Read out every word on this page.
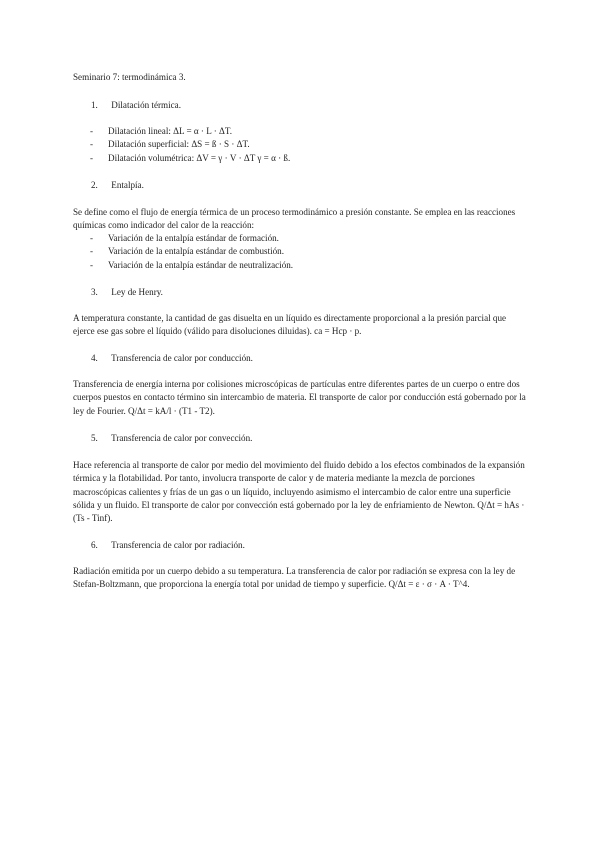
Seminario 7: termodinámica 3.
1. Dilatación térmica.
- Dilatación lineal: ΔL = α · L · ΔT.
- Dilatación superficial: ΔS = ß · S · ΔT.
- Dilatación volumétrica: ΔV = γ · V · ΔT γ = α · ß.
2. Entalpía.

Se define como el flujo de energía térmica de un proceso termodinámico a presión constante. Se emplea en las reacciones químicas como indicador del calor de la reacción:

- Variación de la entalpía estándar de formación.
- Variación de la entalpía estándar de combustión.
- Variación de la entalpía estándar de neutralización.
3. Ley de Henry.

A temperatura constante, la cantidad de gas disuelta en un líquido es directamente proporcional a la presión parcial que ejerce ese gas sobre el líquido (válido para disoluciones diluidas). ca = Hcp · p.

4. Transferencia de calor por conducción.

Transferencia de energía interna por colisiones microscópicas de partículas entre diferentes partes de un cuerpo o entre dos cuerpos puestos en contacto término sin intercambio de materia. El transporte de calor por conducción está gobernado por la ley de Fourier. Q/Δt = kA/l · (T1 - T2).

5. Transferencia de calor por convección.

Hace referencia al transporte de calor por medio del movimiento del fluido debido a los efectos combinados de la expansión térmica y la flotabilidad. Por tanto, involucra transporte de calor y de materia mediante la mezcla de porciones macroscópicas calientes y frías de un gas o un líquido, incluyendo asimismo el intercambio de calor entre una superficie sólida y un fluido. El transporte de calor por convección está gobernado por la ley de enfriamiento de Newton. Q/Δt = hAs · (Ts - Tinf).

6. Transferencia de calor por radiación.

Radiación emitida por un cuerpo debido a su temperatura. La transferencia de calor por radiación se expresa con la ley de Stefan-Boltzmann, que proporciona la energía total por unidad de tiempo y superficie. Q/Δt = ε · σ · A · T^4.
